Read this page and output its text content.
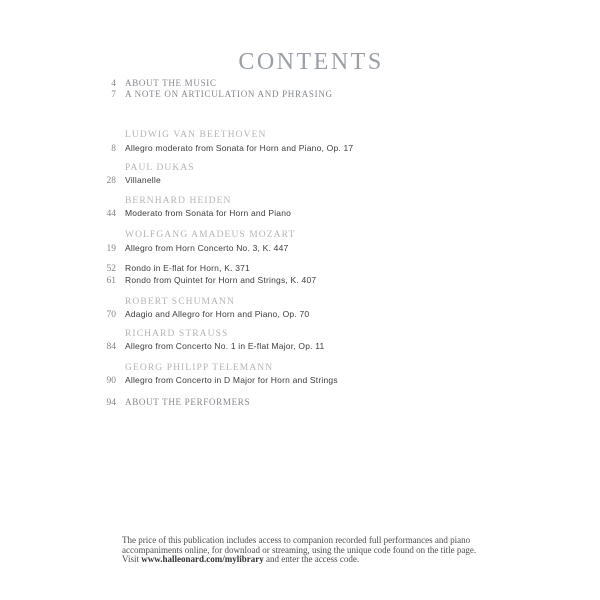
CONTENTS
4 ABOUT THE MUSIC
7 A NOTE ON ARTICULATION AND PHRASING
LUDWIG VAN BEETHOVEN
8 Allegro moderato from Sonata for Horn and Piano, Op. 17
PAUL DUKAS
28 Villanelle
BERNHARD HEIDEN
44 Moderato from Sonata for Horn and Piano
WOLFGANG AMADEUS MOZART
19 Allegro from Horn Concerto No. 3, K. 447
52 Rondo in E-flat for Horn, K. 371
61 Rondo from Quintet for Horn and Strings, K. 407
ROBERT SCHUMANN
70 Adagio and Allegro for Horn and Piano, Op. 70
RICHARD STRAUSS
84 Allegro from Concerto No. 1 in E-flat Major, Op. 11
GEORG PHILIPP TELEMANN
90 Allegro from Concerto in D Major for Horn and Strings
94 ABOUT THE PERFORMERS
The price of this publication includes access to companion recorded full performances and piano
accompaniments online, for download or streaming, using the unique code found on the title page.
Visit www.halleonard.com/mylibrary and enter the access code.
